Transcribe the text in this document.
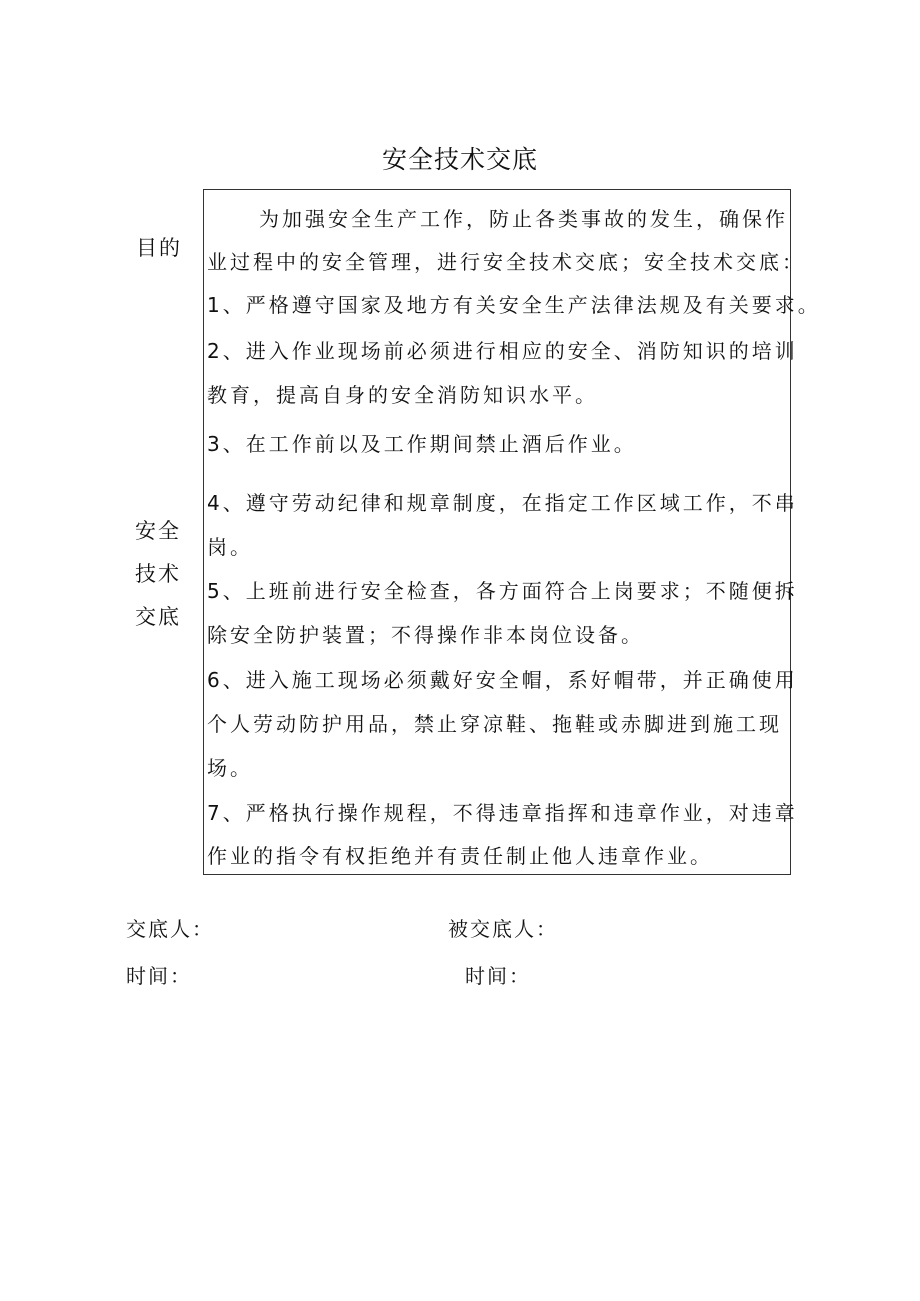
安全技术交底
目的
安全
技术
交底
为加强安全生产工作，防止各类事故的发生，确保作
业过程中的安全管理，进行安全技术交底；安全技术交底：
1、严格遵守国家及地方有关安全生产法律法规及有关要求。
2、进入作业现场前必须进行相应的安全、消防知识的培训
教育，提高自身的安全消防知识水平。
3、在工作前以及工作期间禁止酒后作业。
4、遵守劳动纪律和规章制度，在指定工作区域工作，不串
岗。
5、上班前进行安全检查，各方面符合上岗要求；不随便拆
除安全防护装置；不得操作非本岗位设备。
6、进入施工现场必须戴好安全帽，系好帽带，并正确使用
个人劳动防护用品，禁止穿凉鞋、拖鞋或赤脚进到施工现
场。
7、严格执行操作规程，不得违章指挥和违章作业，对违章
作业的指令有权拒绝并有责任制止他人违章作业。
交底人：	被交底人：
时间：	时间：
